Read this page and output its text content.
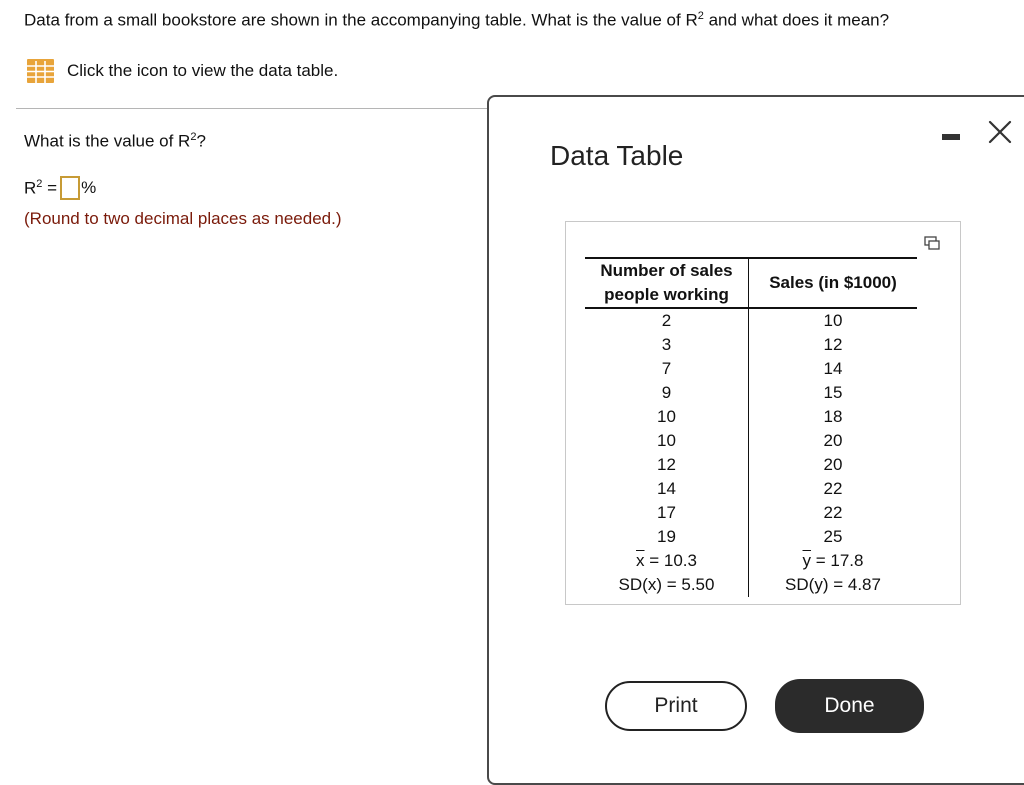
Data from a small bookstore are shown in the accompanying table. What is the value of $R^2$ and what does it mean?
Click the icon to view the data table.
What is the value of $R^2$?
$R^2$ = %
(Round to two decimal places as needed.)
Data Table
Number of sales people working	Sales (in $1000)
2	10
3	12
7	14
9	15
10	18
10	20
12	20
14	22
17	22
19	25
$\overline{x} = 10.3$	$\overline{y} = 17.8$
SD(x) = 5.50	SD(y) = 4.87
Print	Done
